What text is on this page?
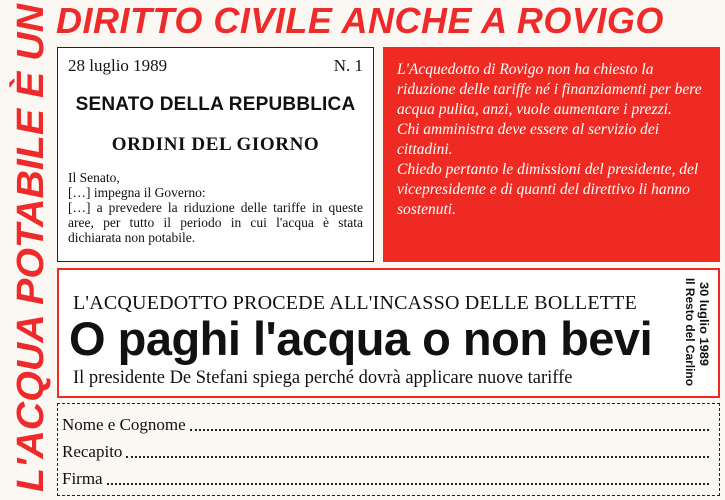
L'ACQUA POTABILE È UN
DIRITTO CIVILE ANCHE A ROVIGO
28 luglio 1989	N. 1
SENATO DELLA REPUBBLICA
ORDINI DEL GIORNO
Il Senato,
[…] impegna il Governo:
[…] a prevedere la riduzione delle tariffe in queste aree, per tutto il periodo in cui l'acqua è stata dichiarata non potabile.

L'Acquedotto di Rovigo non ha chiesto la riduzione delle tariffe né i finanziamenti per bere acqua pulita, anzi, vuole aumentare i prezzi.

Chi amministra deve essere al servizio dei cittadini.

Chiedo pertanto le dimissioni del presidente, del vicepresidente e di quanti del direttivo li hanno sostenuti.

L'ACQUEDOTTO PROCEDE ALL'INCASSO DELLE BOLLETTE
O paghi l'acqua o non bevi
Il presidente De Stefani spiega perché dovrà applicare nuove tariffe	Il Resto del Carlino 30 luglio 1989
Nome e Cognome
Recapito
Firma
